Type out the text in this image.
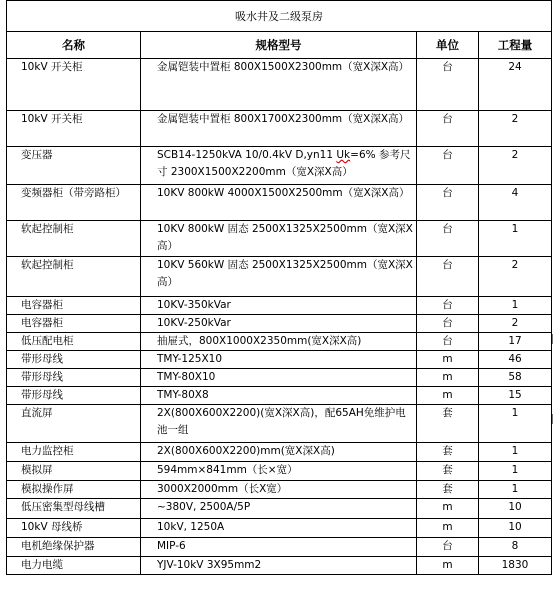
吸水井及二级泵房			
名称	规格型号	单位	工程量
10kV 开关柜	金属铠装中置柜 800X1500X2300mm（宽X深X高）	台	24
10kV 开关柜	金属铠装中置柜 800X1700X2300mm（宽X深X高）	台	2
变压器	SCB14-1250kVA 10/0.4kV D,yn11 Uk=6% 参考尺寸 2300X1500X2200mm（宽X深X高）	台	2
变频器柜（带旁路柜）	10KV 800kW 4000X1500X2500mm（宽X深X高）	台	4
软起控制柜	10KV 800kW 固态 2500X1325X2500mm（宽X深X高）	台	1
软起控制柜	10KV 560kW 固态 2500X1325X2500mm（宽X深X高）	台	2
电容器柜	10KV-350kVar	台	1
电容器柜	10KV-250kVar	台	2
低压配电柜	抽屉式，800X1000X2350mm(宽X深X高)	台	17
带形母线	TMY-125X10	m	46
带形母线	TMY-80X10	m	58
带形母线	TMY-80X8	m	15
直流屏	2X(800X600X2200)(宽X深X高)，配65AH免维护电池一组	套	1
电力监控柜	2X(800X600X2200)mm(宽X深X高)	套	1
模拟屏	594mm×841mm（长×宽）	套	1
模拟操作屏	3000X2000mm（长X宽）	套	1
低压密集型母线槽	~380V, 2500A/5P	m	10
10kV 母线桥	10kV, 1250A	m	10
电机绝缘保护器	MIP-6	台	8
电力电缆	YJV-10kV 3X95mm2	m	1830
